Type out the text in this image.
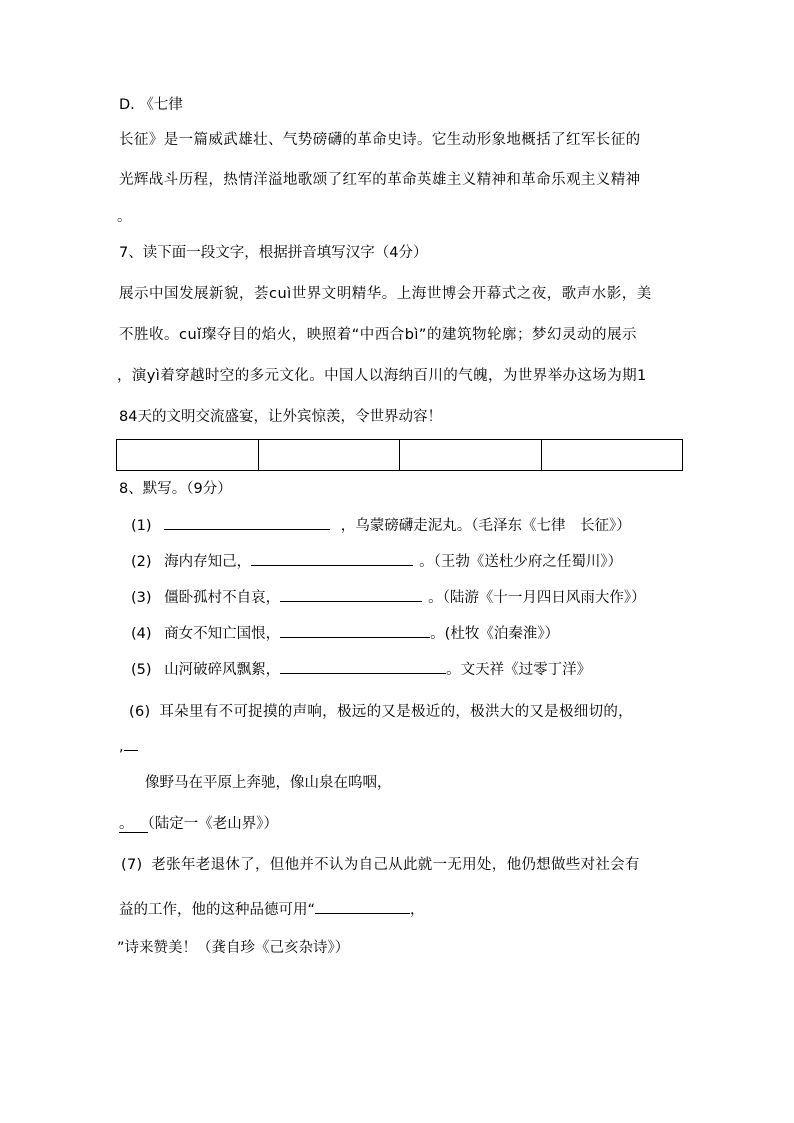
D. 《七律
长征》是一篇威武雄壮、气势磅礴的革命史诗。它生动形象地概括了红军长征的
光辉战斗历程，热情洋溢地歌颂了红军的革命英雄主义精神和革命乐观主义精神
。
7、读下面一段文字，根据拼音填写汉字（4分）
展示中国发展新貌，荟cuì世界文明精华。上海世博会开幕式之夜，歌声水影，美
不胜收。cuǐ璨夺目的焰火，映照着“中西合bì”的建筑物轮廓；梦幻灵动的展示
，演yì着穿越时空的多元文化。中国人以海纳百川的气魄，为世界举办这场为期1
84天的文明交流盛宴，让外宾惊羡，令世界动容！
8、默写。（9分）
(1)	，乌蒙磅礴走泥丸。（毛泽东《七律　长征》）
(2) 海内存知己，	。（王勃《送杜少府之任蜀川》）
(3) 僵卧孤村不自哀，	。（陆游《十一月四日风雨大作》）
(4) 商女不知亡国恨，	。(杜牧《泊秦淮》）
(5) 山河破碎风飘絮，	。文天祥《过零丁洋》
(6) 耳朵里有不可捉摸的声响，极远的又是极近的，极洪大的又是极细切的，
,
像野马在平原上奔驰，像山泉在呜咽，
。 （陆定一《老山界》）
(7) 老张年老退休了，但他并不认为自己从此就一无用处，他仍想做些对社会有
益的工作，他的这种品德可用“	，
”诗来赞美！（龚自珍《己亥杂诗》）
